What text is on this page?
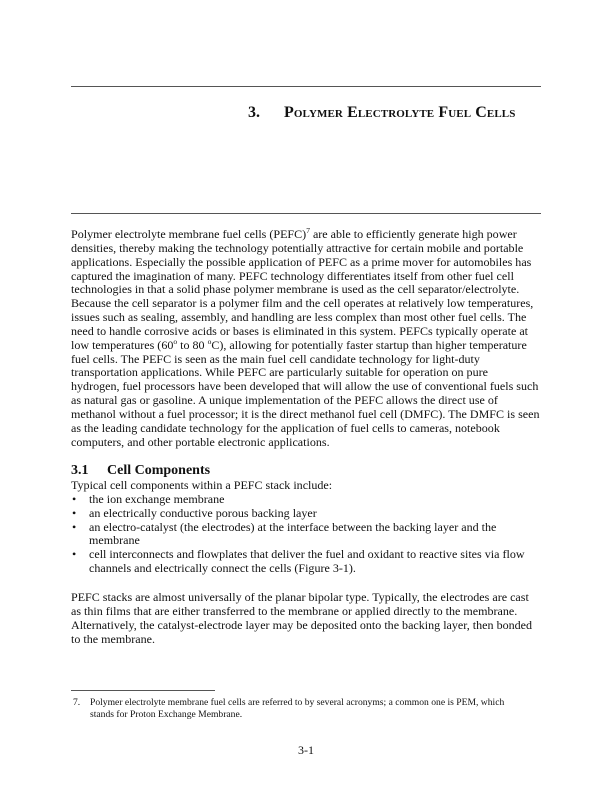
3. Polymer Electrolyte Fuel Cells
Polymer electrolyte membrane fuel cells (PEFC)$^7$ are able to efficiently generate high power
densities, thereby making the technology potentially attractive for certain mobile and portable
applications. Especially the possible application of PEFC as a prime mover for automobiles has
captured the imagination of many. PEFC technology differentiates itself from other fuel cell
technologies in that a solid phase polymer membrane is used as the cell separator/electrolyte.
Because the cell separator is a polymer film and the cell operates at relatively low temperatures,
issues such as sealing, assembly, and handling are less complex than most other fuel cells. The
need to handle corrosive acids or bases is eliminated in this system. PEFCs typically operate at
low temperatures (60$^o$ to 80 $^o$C), allowing for potentially faster startup than higher temperature
fuel cells. The PEFC is seen as the main fuel cell candidate technology for light-duty
transportation applications. While PEFC are particularly suitable for operation on pure
hydrogen, fuel processors have been developed that will allow the use of conventional fuels such
as natural gas or gasoline. A unique implementation of the PEFC allows the direct use of
methanol without a fuel processor; it is the direct methanol fuel cell (DMFC). The DMFC is seen
as the leading candidate technology for the application of fuel cells to cameras, notebook
computers, and other portable electronic applications.
3.1 Cell Components
Typical cell components within a PEFC stack include:
• the ion exchange membrane
• an electrically conductive porous backing layer
• an electro-catalyst (the electrodes) at the interface between the backing layer and the
membrane
• cell interconnects and flowplates that deliver the fuel and oxidant to reactive sites via flow
channels and electrically connect the cells (Figure 3-1).
PEFC stacks are almost universally of the planar bipolar type. Typically, the electrodes are cast
as thin films that are either transferred to the membrane or applied directly to the membrane.
Alternatively, the catalyst-electrode layer may be deposited onto the backing layer, then bonded
to the membrane.
7. Polymer electrolyte membrane fuel cells are referred to by several acronyms; a common one is PEM, which
stands for Proton Exchange Membrane.
3-1
